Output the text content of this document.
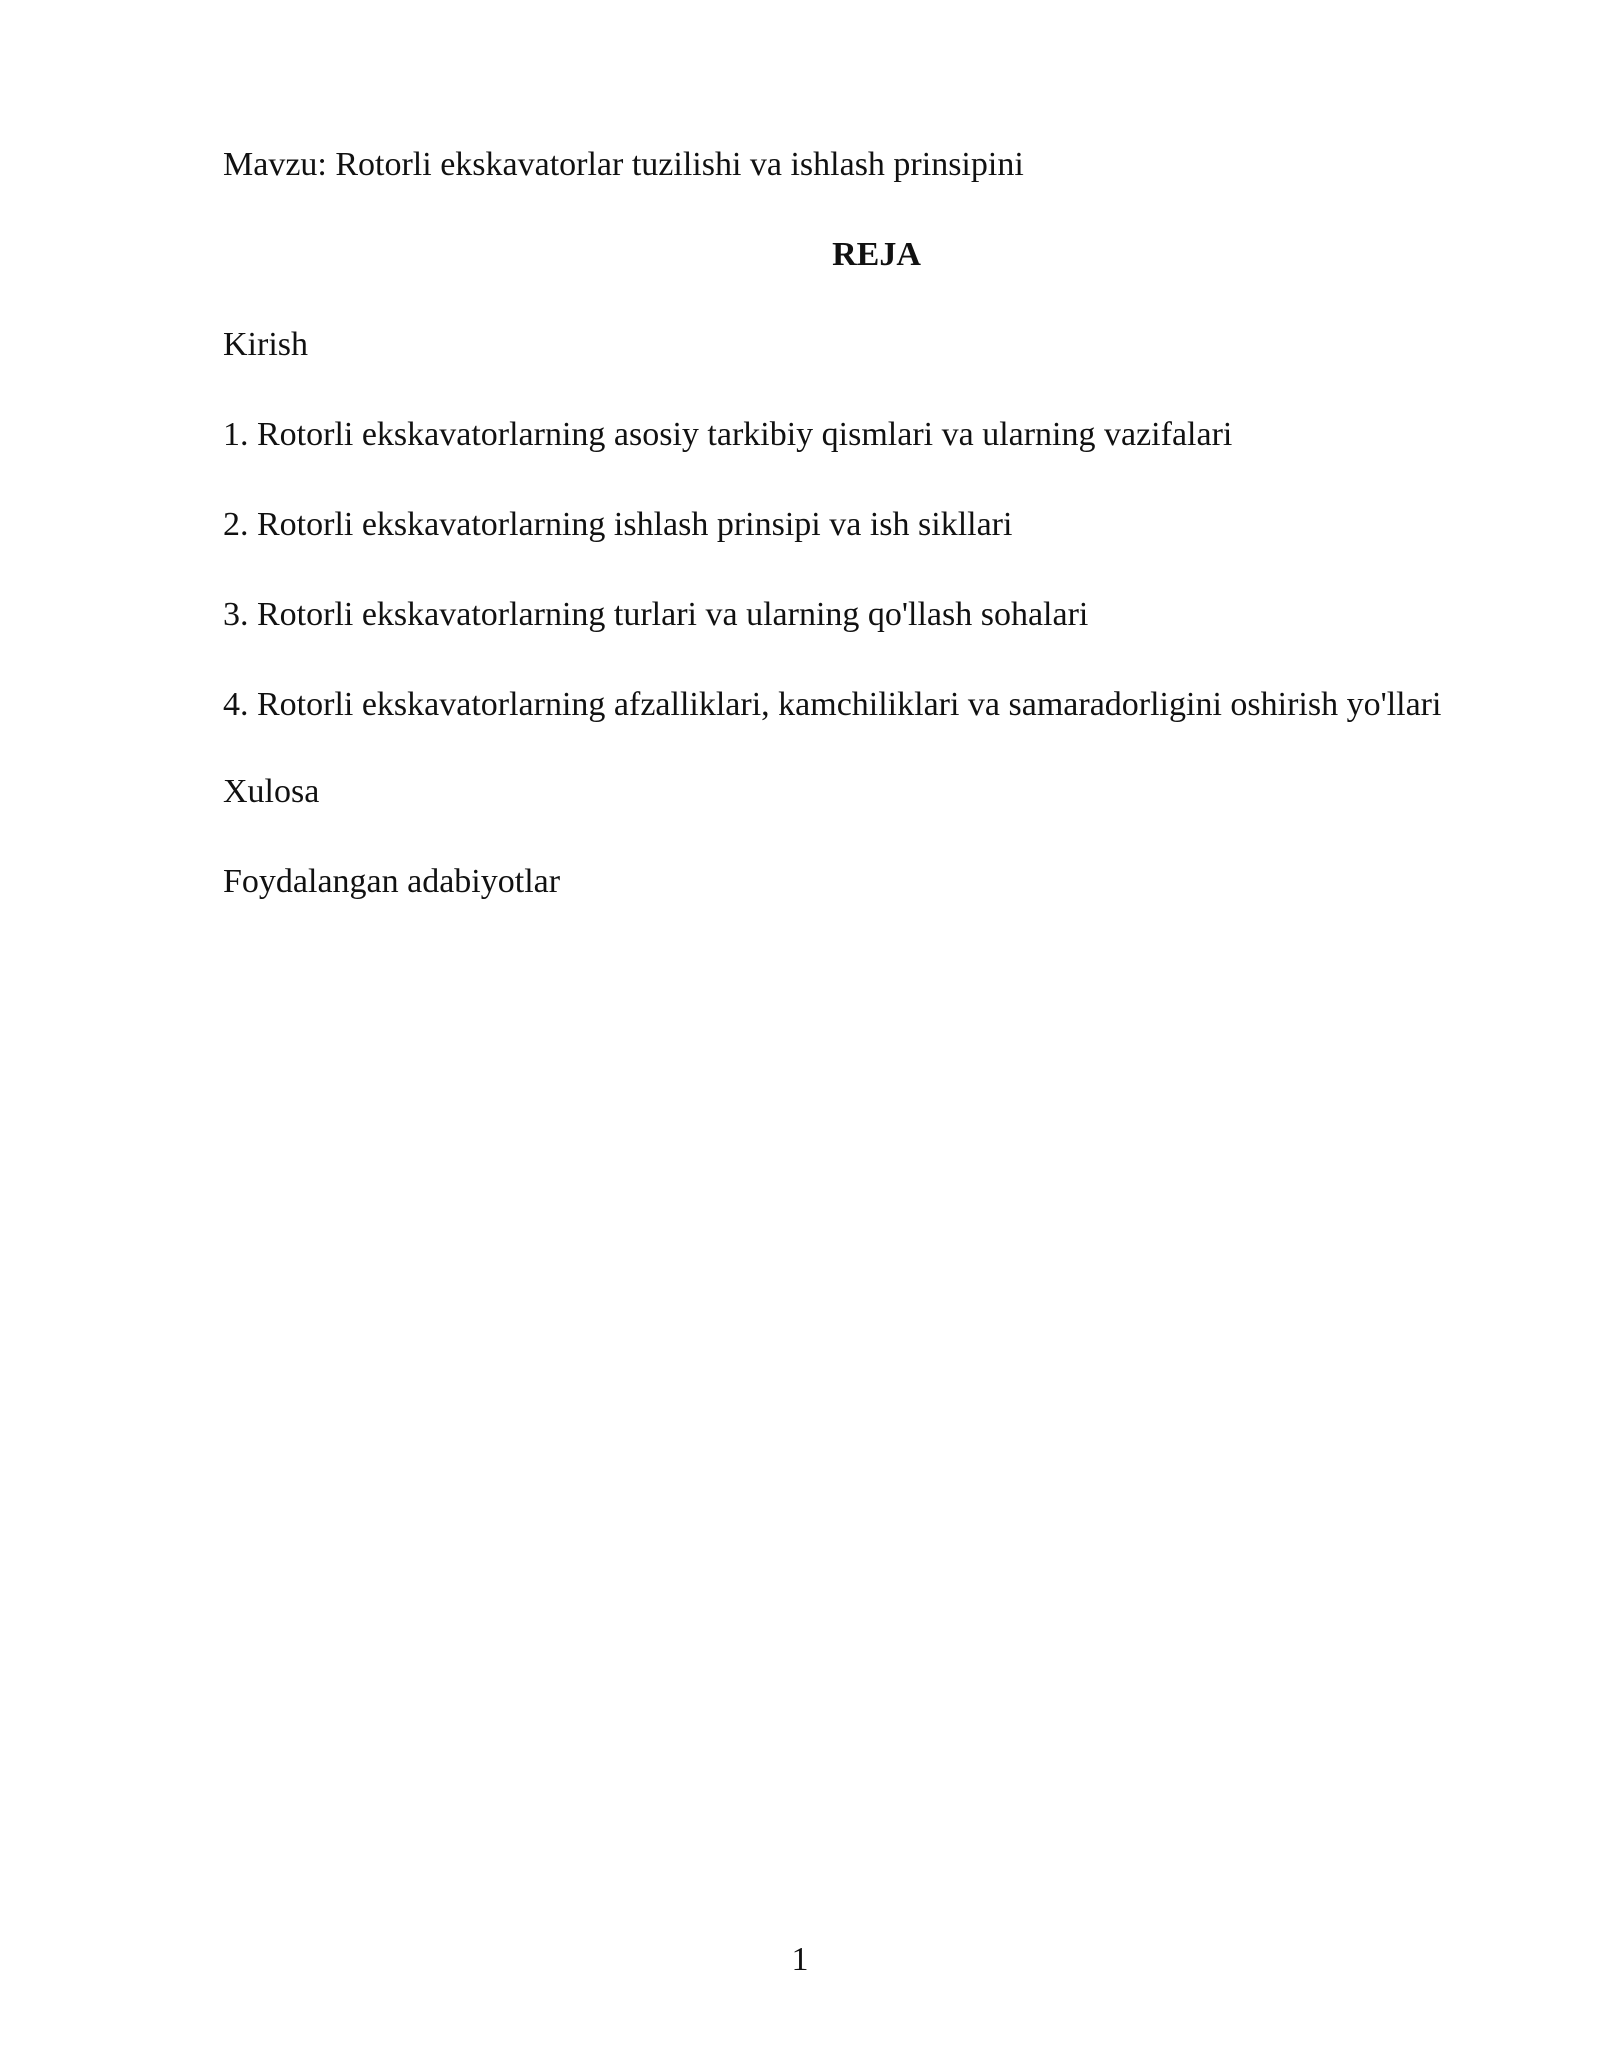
Mavzu: Rotorli ekskavatorlar tuzilishi va ishlash prinsipini

REJA

Kirish

1. Rotorli ekskavatorlarning asosiy tarkibiy qismlari va ularning vazifalari

2. Rotorli ekskavatorlarning ishlash prinsipi va ish sikllari

3. Rotorli ekskavatorlarning turlari va ularning qo'llash sohalari

4. Rotorli ekskavatorlarning afzalliklari, kamchiliklari va samaradorligini oshirish yo'llari

Xulosa

Foydalangan adabiyotlar

1
